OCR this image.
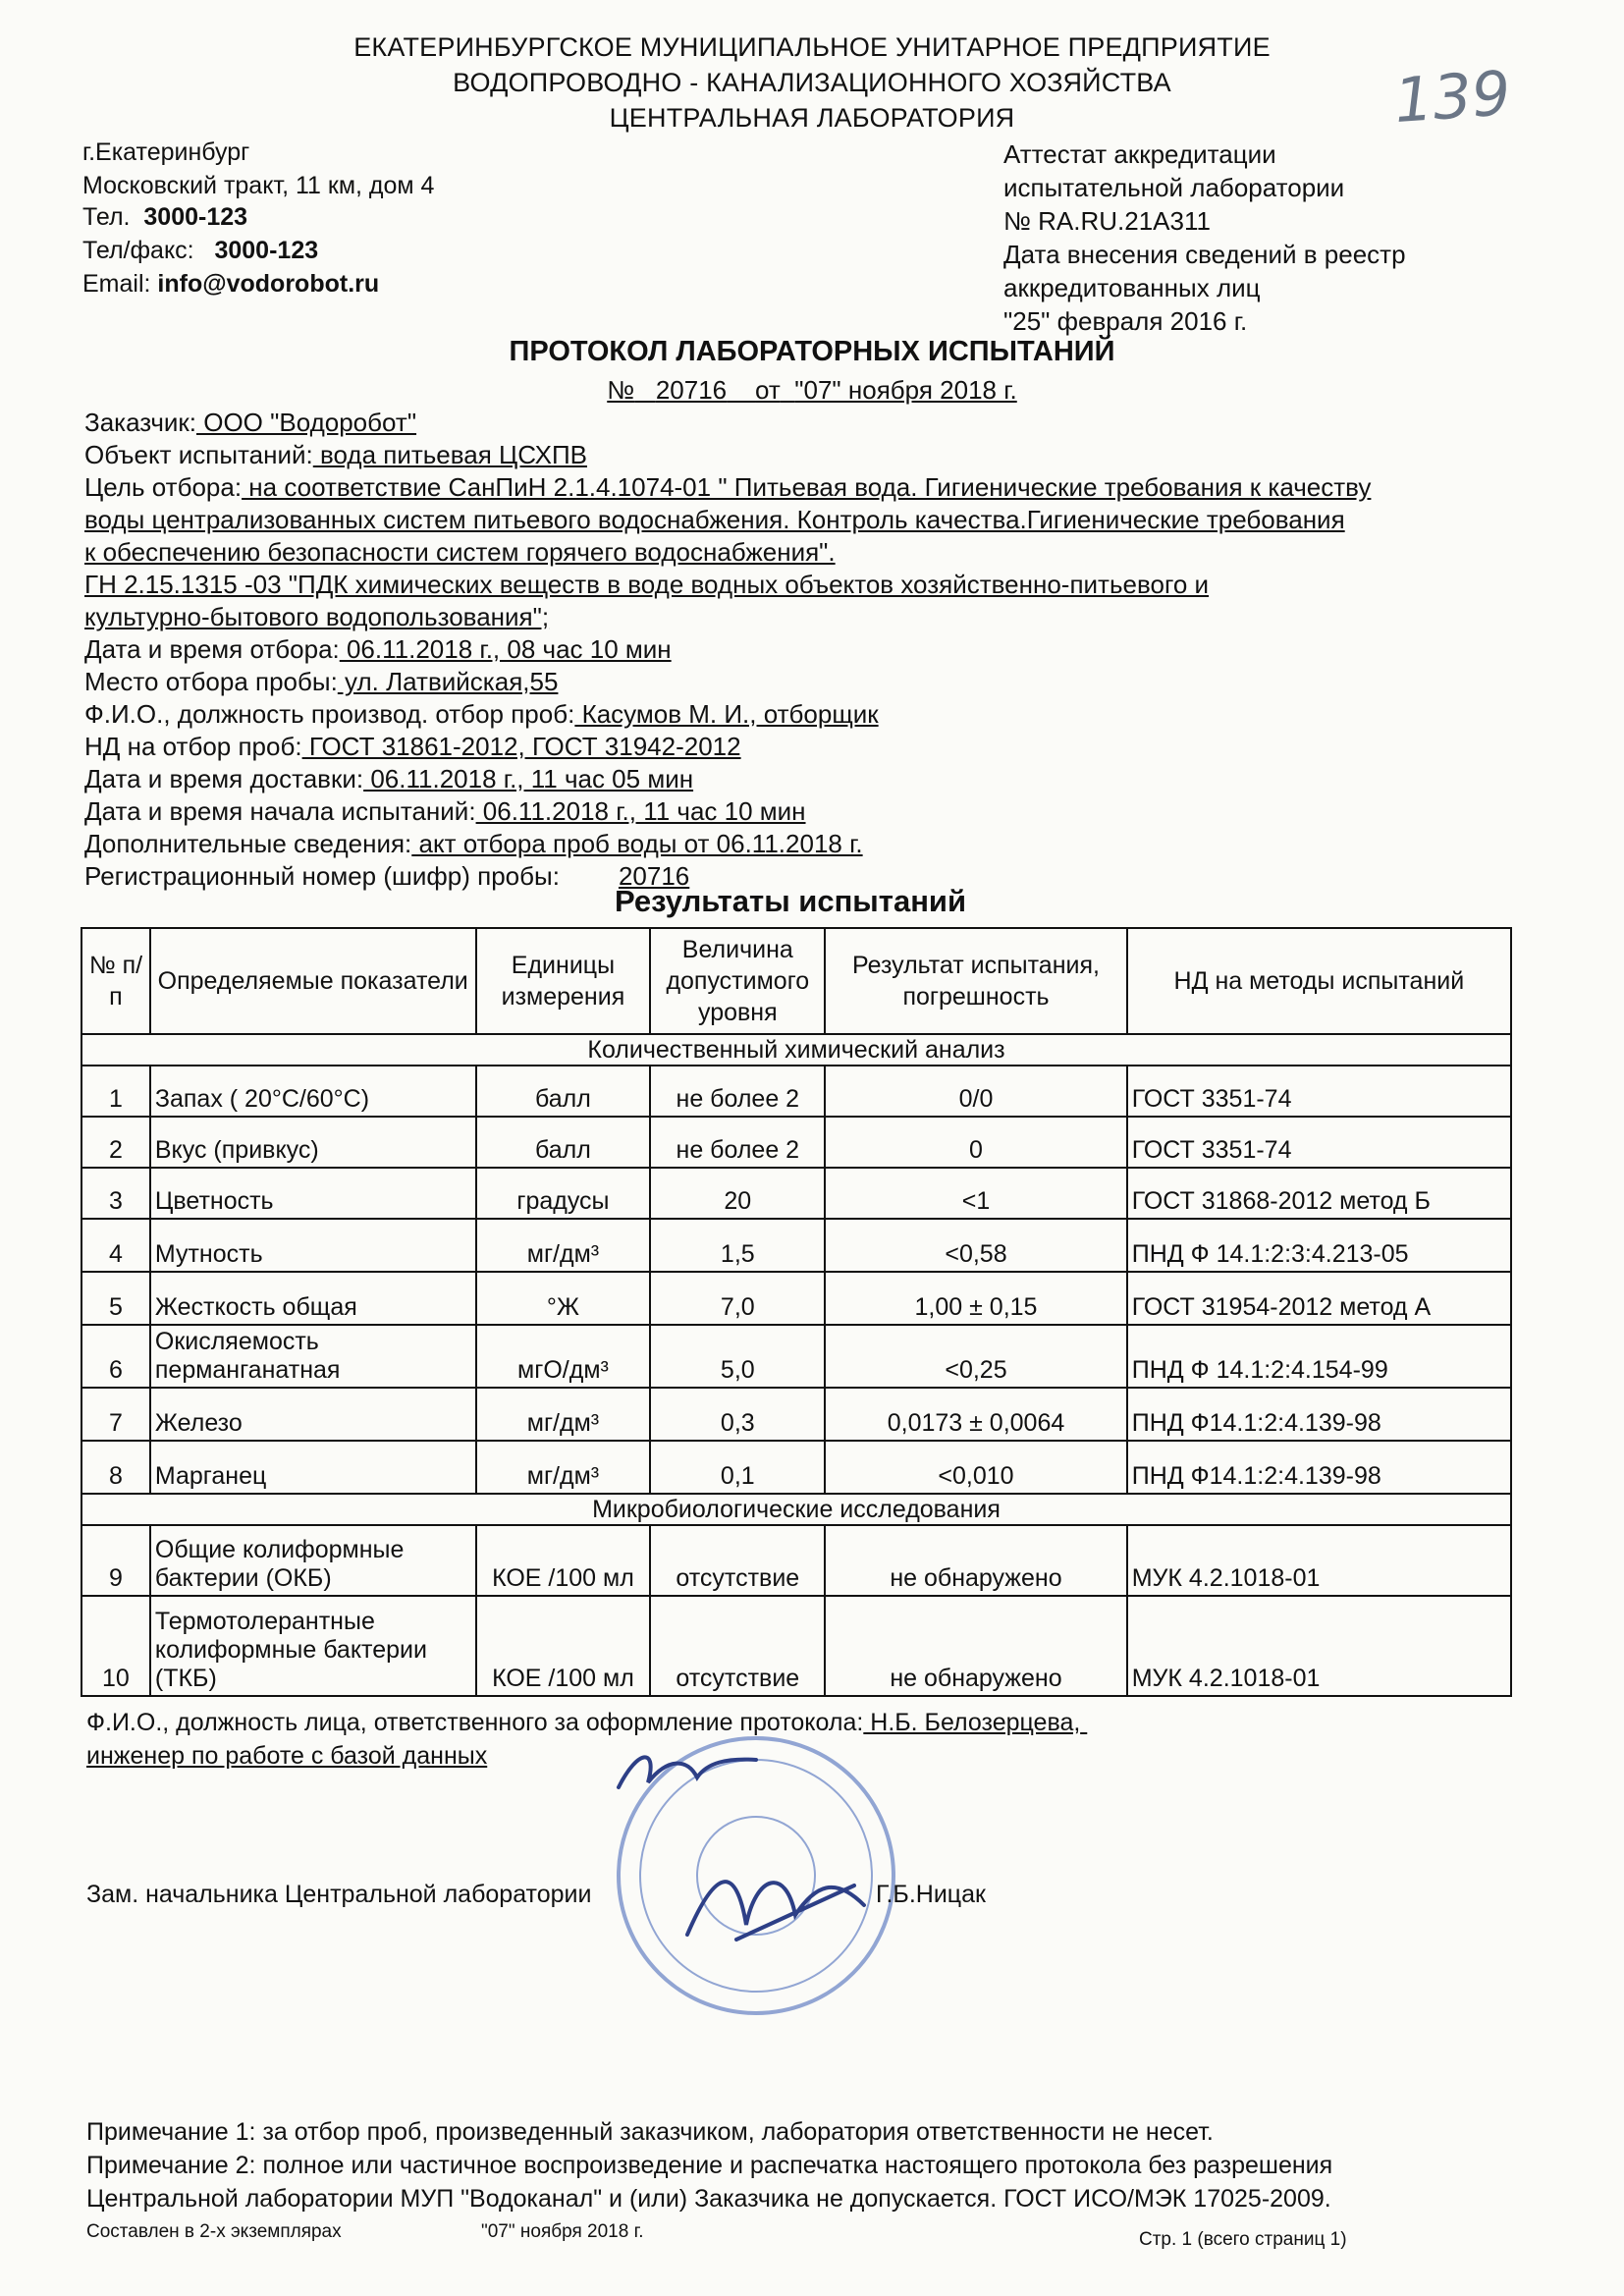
139
ЕКАТЕРИНБУРГСКОЕ МУНИЦИПАЛЬНОЕ УНИТАРНОЕ ПРЕДПРИЯТИЕ
ВОДОПРОВОДНО - КАНАЛИЗАЦИОННОГО ХОЗЯЙСТВА
ЦЕНТРАЛЬНАЯ ЛАБОРАТОРИЯ
г.Екатеринбург
Московский тракт, 11 км, дом 4
Тел. 3000-123
Тел/факс: 3000-123
Email: info@vodorobot.ru
Аттестат аккредитации
испытательной лаборатории
№ RA.RU.21A311
Дата внесения сведений в реестр
аккредитованных лиц
"25" февраля 2016 г.
ПРОТОКОЛ ЛАБОРАТОРНЫХ ИСПЫТАНИЙ
№ 20716 от "07" ноября 2018 г.
Заказчик: ООО "Водоробот"
Объект испытаний: вода питьевая ЦСХПВ
Цель отбора: на соответствие СанПиН 2.1.4.1074-01 " Питьевая вода. Гигиенические требования к качеству
воды централизованных систем питьевого водоснабжения. Контроль качества.Гигиенические требования
к обеспечению безопасности систем горячего водоснабжения".
ГН 2.15.1315 -03 "ПДК химических веществ в воде водных объектов хозяйственно-питьевого и
культурно-бытового водопользования";
Дата и время отбора: 06.11.2018 г., 08 час 10 мин
Место отбора пробы: ул. Латвийская,55
Ф.И.О., должность производ. отбор проб: Касумов М. И., отборщик
НД на отбор проб: ГОСТ 31861-2012, ГОСТ 31942-2012
Дата и время доставки: 06.11.2018 г., 11 час 05 мин
Дата и время начала испытаний: 06.11.2018 г., 11 час 10 мин
Дополнительные сведения: акт отбора проб воды от 06.11.2018 г.
Регистрационный номер (шифр) пробы: 20716
Результаты испытаний
№ п/п	Определяемые показатели	Единицы измерения	Величина допустимого уровня	Результат испытания, погрешность	НД на методы испытаний
Количественный химический анализ					
1	Запах ( 20°С/60°С)	балл	не более 2	0/0	ГОСТ 3351-74
2	Вкус (привкус)	балл	не более 2	0	ГОСТ 3351-74
3	Цветность	градусы	20	<1	ГОСТ 31868-2012 метод Б
4	Мутность	мг/дм³	1,5	<0,58	ПНД Ф 14.1:2:3:4.213-05
5	Жесткость общая	°Ж	7,0	1,00 ± 0,15	ГОСТ 31954-2012 метод А
6	Окисляемость перманганатная	мгО/дм³	5,0	<0,25	ПНД Ф 14.1:2:4.154-99
7	Железо	мг/дм³	0,3	0,0173 ± 0,0064	ПНД Ф14.1:2:4.139-98
8	Марганец	мг/дм³	0,1	<0,010	ПНД Ф14.1:2:4.139-98
Микробиологические исследования					
9	Общие колиформные бактерии (ОКБ)	КОЕ /100 мл	отсутствие	не обнаружено	МУК 4.2.1018-01
10	Термотолерантные колиформные бактерии (ТКБ)	КОЕ /100 мл	отсутствие	не обнаружено	МУК 4.2.1018-01
Ф.И.О., должность лица, ответственного за оформление протокола: Н.Б. Белозерцева,
инженер по работе с базой данных
Зам. начальника Центральной лаборатории	Г.Б.Ницак
Примечание 1: за отбор проб, произведенный заказчиком, лаборатория ответственности не несет.
Примечание 2: полное или частичное воспроизведение и распечатка настоящего протокола без разрешения
Центральной лаборатории МУП "Водоканал" и (или) Заказчика не допускается. ГОСТ ИСО/МЭК 17025-2009.
Составлен в 2-х экземплярах	"07" ноября 2018 г.	Стр. 1 (всего страниц 1)
